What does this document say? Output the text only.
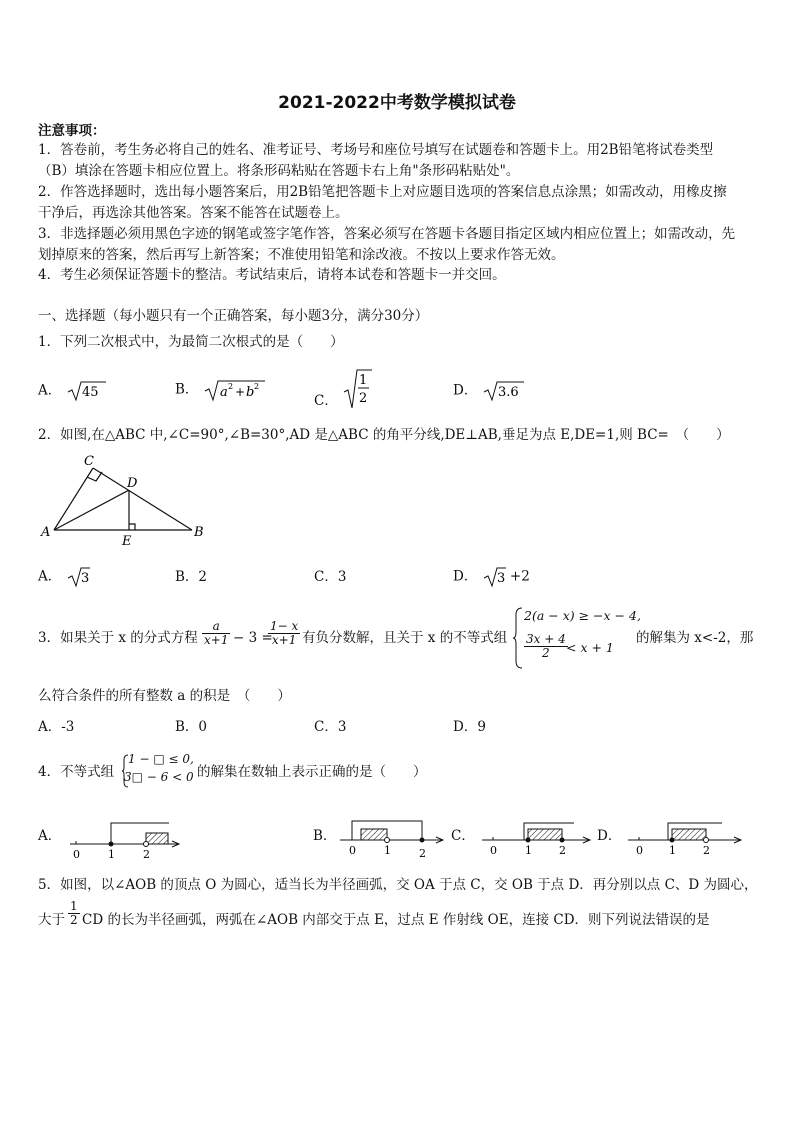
2021-2022中考数学模拟试卷
注意事项：
1．答卷前，考生务必将自己的姓名、准考证号、考场号和座位号填写在试题卷和答题卡上。用2B铅笔将试卷类型
（B）填涂在答题卡相应位置上。将条形码粘贴在答题卡右上角"条形码粘贴处"。
2．作答选择题时，选出每小题答案后，用2B铅笔把答题卡上对应题目选项的答案信息点涂黑；如需改动，用橡皮擦
干净后，再选涂其他答案。答案不能答在试题卷上。
3．非选择题必须用黑色字迹的钢笔或签字笔作答，答案必须写在答题卡各题目指定区域内相应位置上；如需改动，先
划掉原来的答案，然后再写上新答案；不准使用铅笔和涂改液。不按以上要求作答无效。
4．考生必须保证答题卡的整洁。考试结束后，请将本试卷和答题卡一并交回。
一、选择题（每小题只有一个正确答案，每小题3分，满分30分）
1．下列二次根式中，为最简二次根式的是（　　）
A． 45	B． a 2 + b 2
C．
1
2	D． 3.6
2．如图,在△ABC 中,∠C=90°,∠B=30°,AD 是△ABC 的角平分线,DE⊥AB,垂足为点 E,DE=1,则 BC=　（　　）
C
D
A
E
B
A． 3	B．2	C．3	D． 3 +2
3．如果关于 x 的分式方程 $\frac{a}{x+1} - 3$ =
$\frac{1- x}{x+1}$ 有负分数解，且关于 x 的不等式组
2(a − x) ≥ −x − 4,
$\frac{3x + 4}{2}$
< x + 1
的解集为 x<-2，那
么符合条件的所有整数 a 的积是　（　　）
A．-3	B．0	C．3	D．9
4．不等式组
1 − □ ≤ 0,
3□ − 6 < 0 的解集在数轴上表示正确的是（　　）
A．
0	1	2
B．
0	1	2
C．
0	1 2
D．
0 1 2
5．如图，以∠AOB 的顶点 O 为圆心，适当长为半径画弧，交 OA 于点 C，交 OB 于点 D．再分别以点 C、D 为圆心，
大于 $\frac{1}{2}$ CD 的长为半径画弧，两弧在∠AOB 内部交于点 E，过点 E 作射线 OE，连接 CD．则下列说法错误的是
